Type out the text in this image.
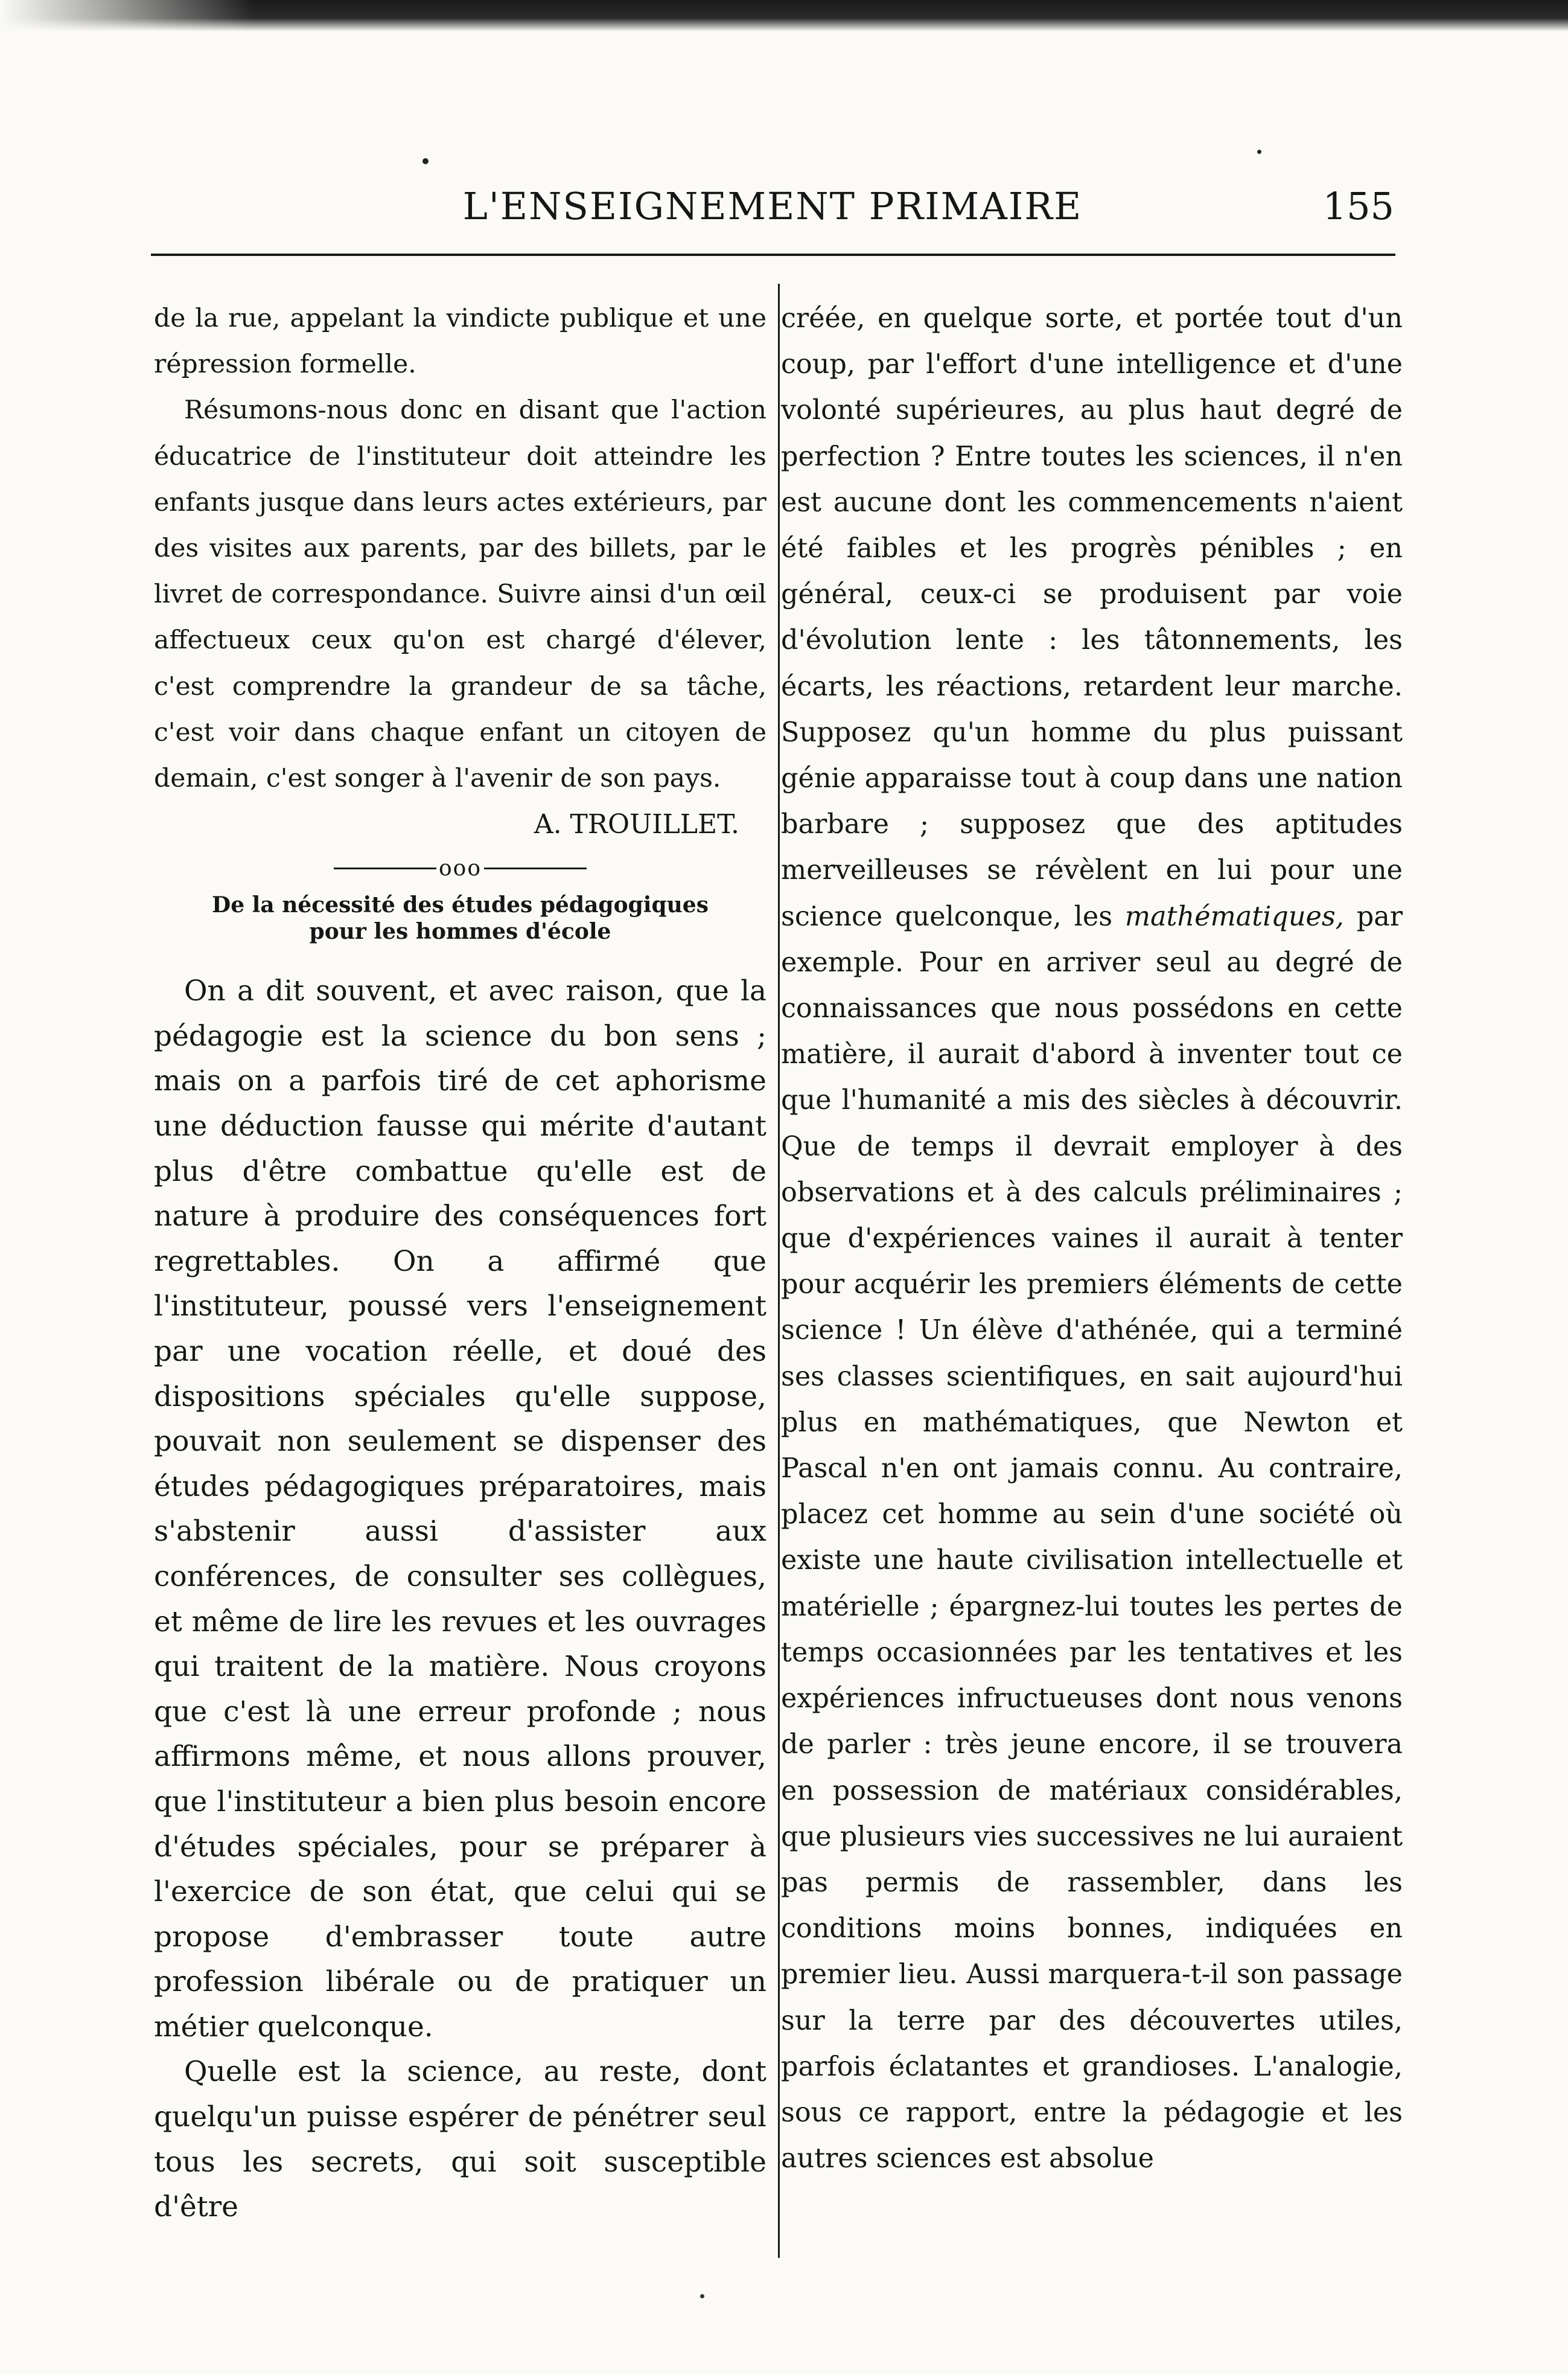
L'ENSEIGNEMENT PRIMAIRE	155

de la rue, appelant la vindicte publique et une répression formelle.

Résumons-nous donc en disant que l'action éducatrice de l'instituteur doit atteindre les enfants jusque dans leurs actes extérieurs, par des visites aux parents, par des billets, par le livret de correspondance. Suivre ainsi d'un œil affectueux ceux qu'on est chargé d'élever, c'est comprendre la grandeur de sa tâche, c'est voir dans chaque enfant un citoyen de demain, c'est songer à l'avenir de son pays.

A. TROUILLET.

ooo
De la nécessité des études pédagogiques
pour les hommes d'école

On a dit souvent, et avec raison, que la pédagogie est la science du bon sens ; mais on a parfois tiré de cet aphorisme une déduction fausse qui mérite d'autant plus d'être combattue qu'elle est de nature à produire des conséquences fort regrettables. On a affirmé que l'instituteur, poussé vers l'enseignement par une vocation réelle, et doué des dispositions spéciales qu'elle suppose, pouvait non seulement se dispenser des études pédagogiques préparatoires, mais s'abstenir aussi d'assister aux conférences, de consulter ses collègues, et même de lire les revues et les ouvrages qui traitent de la matière. Nous croyons que c'est là une erreur profonde ; nous affirmons même, et nous allons prouver, que l'instituteur a bien plus besoin encore d'études spéciales, pour se préparer à l'exercice de son état, que celui qui se propose d'embrasser toute autre profession libérale ou de pratiquer un métier quelconque.

Quelle est la science, au reste, dont quelqu'un puisse espérer de pénétrer seul tous les secrets, qui soit susceptible d'être

créée, en quelque sorte, et portée tout d'un coup, par l'effort d'une intelligence et d'une volonté supérieures, au plus haut degré de perfection ? Entre toutes les sciences, il n'en est aucune dont les commencements n'aient été faibles et les progrès pénibles ; en général, ceux-ci se produisent par voie d'évolution lente : les tâtonnements, les écarts, les réactions, retardent leur marche. Supposez qu'un homme du plus puissant génie apparaisse tout à coup dans une nation barbare ; supposez que des aptitudes merveilleuses se révèlent en lui pour une science quelconque, les mathématiques, par exemple. Pour en arriver seul au degré de connaissances que nous possédons en cette matière, il aurait d'abord à inventer tout ce que l'humanité a mis des siècles à découvrir. Que de temps il devrait employer à des observations et à des calculs préliminaires ; que d'expériences vaines il aurait à tenter pour acquérir les premiers éléments de cette science ! Un élève d'athénée, qui a terminé ses classes scientifiques, en sait aujourd'hui plus en mathématiques, que Newton et Pascal n'en ont jamais connu. Au contraire, placez cet homme au sein d'une société où existe une haute civilisation intellectuelle et matérielle ; épargnez-lui toutes les pertes de temps occasionnées par les tentatives et les expériences infructueuses dont nous venons de parler : très jeune encore, il se trouvera en possession de matériaux considérables, que plusieurs vies successives ne lui auraient pas permis de rassembler, dans les conditions moins bonnes, indiquées en premier lieu. Aussi marquera-t-il son passage sur la terre par des découvertes utiles, parfois éclatantes et grandioses. L'analogie, sous ce rapport, entre la pédagogie et les autres sciences est absolue
